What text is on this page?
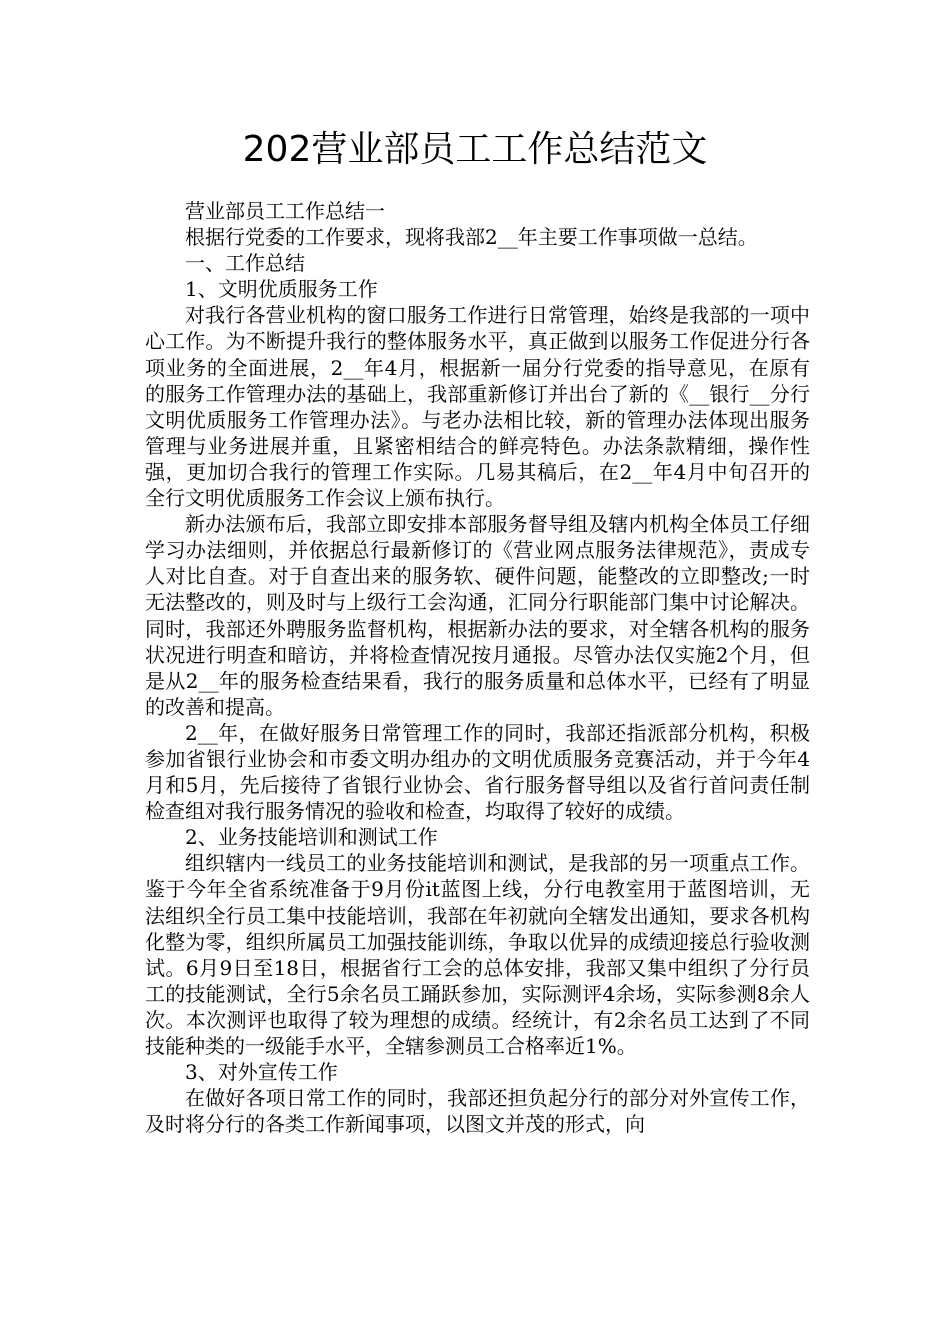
202营业部员工工作总结范文

营业部员工工作总结一

根据行党委的工作要求，现将我部2__年主要工作事项做一总结。

一、工作总结

1、文明优质服务工作

对我行各营业机构的窗口服务工作进行日常管理，始终是我部的一项中心工作。为不断提升我行的整体服务水平，真正做到以服务工作促进分行各项业务的全面进展，2__年4月，根据新一届分行党委的指导意见，在原有的服务工作管理办法的基础上，我部重新修订并出台了新的《__银行__分行文明优质服务工作管理办法》。与老办法相比较，新的管理办法体现出服务管理与业务进展并重，且紧密相结合的鲜亮特色。办法条款精细，操作性强，更加切合我行的管理工作实际。几易其稿后，在2__年4月中旬召开的全行文明优质服务工作会议上颁布执行。

新办法颁布后，我部立即安排本部服务督导组及辖内机构全体员工仔细学习办法细则，并依据总行最新修订的《营业网点服务法律规范》，责成专人对比自查。对于自查出来的服务软、硬件问题，能整改的立即整改;一时无法整改的，则及时与上级行工会沟通，汇同分行职能部门集中讨论解决。同时，我部还外聘服务监督机构，根据新办法的要求，对全辖各机构的服务状况进行明查和暗访，并将检查情况按月通报。尽管办法仅实施2个月，但是从2__年的服务检查结果看，我行的服务质量和总体水平，已经有了明显的改善和提高。

2__年，在做好服务日常管理工作的同时，我部还指派部分机构，积极参加省银行业协会和市委文明办组办的文明优质服务竞赛活动，并于今年4月和5月，先后接待了省银行业协会、省行服务督导组以及省行首问责任制检查组对我行服务情况的验收和检查，均取得了较好的成绩。

2、业务技能培训和测试工作

组织辖内一线员工的业务技能培训和测试，是我部的另一项重点工作。鉴于今年全省系统准备于9月份it蓝图上线，分行电教室用于蓝图培训，无法组织全行员工集中技能培训，我部在年初就向全辖发出通知，要求各机构化整为零，组织所属员工加强技能训练，争取以优异的成绩迎接总行验收测试。6月9日至18日，根据省行工会的总体安排，我部又集中组织了分行员工的技能测试，全行5余名员工踊跃参加，实际测评4余场，实际参测8余人次。本次测评也取得了较为理想的成绩。经统计，有2余名员工达到了不同技能种类的一级能手水平，全辖参测员工合格率近1%。

3、对外宣传工作

在做好各项日常工作的同时，我部还担负起分行的部分对外宣传工作，及时将分行的各类工作新闻事项，以图文并茂的形式，向
